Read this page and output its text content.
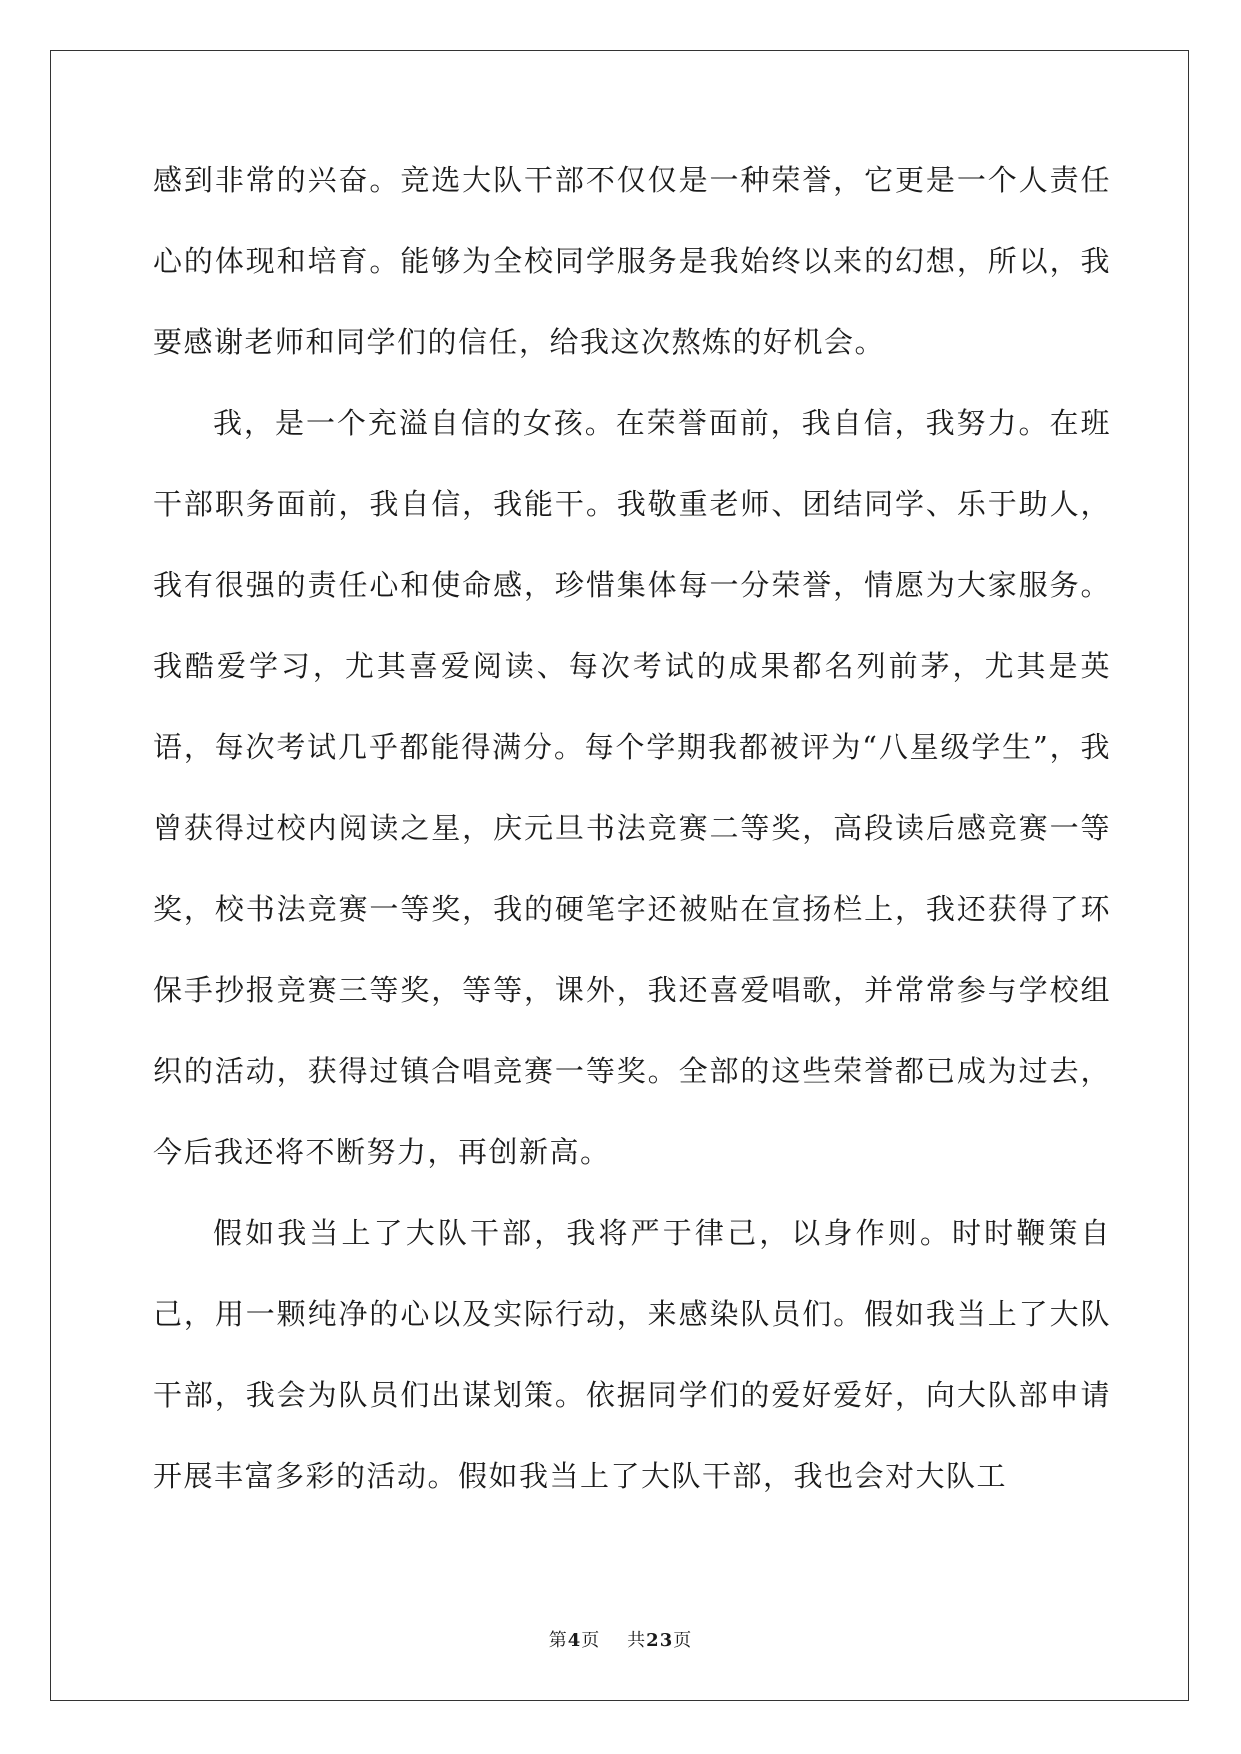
感到非常的兴奋。竞选大队干部不仅仅是一种荣誉，它更是一个人责任心的体现和培育。能够为全校同学服务是我始终以来的幻想，所以，我要感谢老师和同学们的信任，给我这次熬炼的好机会。

我，是一个充溢自信的女孩。在荣誉面前，我自信，我努力。在班干部职务面前，我自信，我能干。我敬重老师、团结同学、乐于助人，我有很强的责任心和使命感，珍惜集体每一分荣誉，情愿为大家服务。我酷爱学习，尤其喜爱阅读、每次考试的成果都名列前茅，尤其是英语，每次考试几乎都能得满分。每个学期我都被评为“八星级学生”，我曾获得过校内阅读之星，庆元旦书法竞赛二等奖，高段读后感竞赛一等奖，校书法竞赛一等奖，我的硬笔字还被贴在宣扬栏上，我还获得了环保手抄报竞赛三等奖，等等，课外，我还喜爱唱歌，并常常参与学校组织的活动，获得过镇合唱竞赛一等奖。全部的这些荣誉都已成为过去，今后我还将不断努力，再创新高。

假如我当上了大队干部，我将严于律己，以身作则。时时鞭策自己，用一颗纯净的心以及实际行动，来感染队员们。假如我当上了大队干部，我会为队员们出谋划策。依据同学们的爱好爱好，向大队部申请开展丰富多彩的活动。假如我当上了大队干部，我也会对大队工

第4页 共23页
